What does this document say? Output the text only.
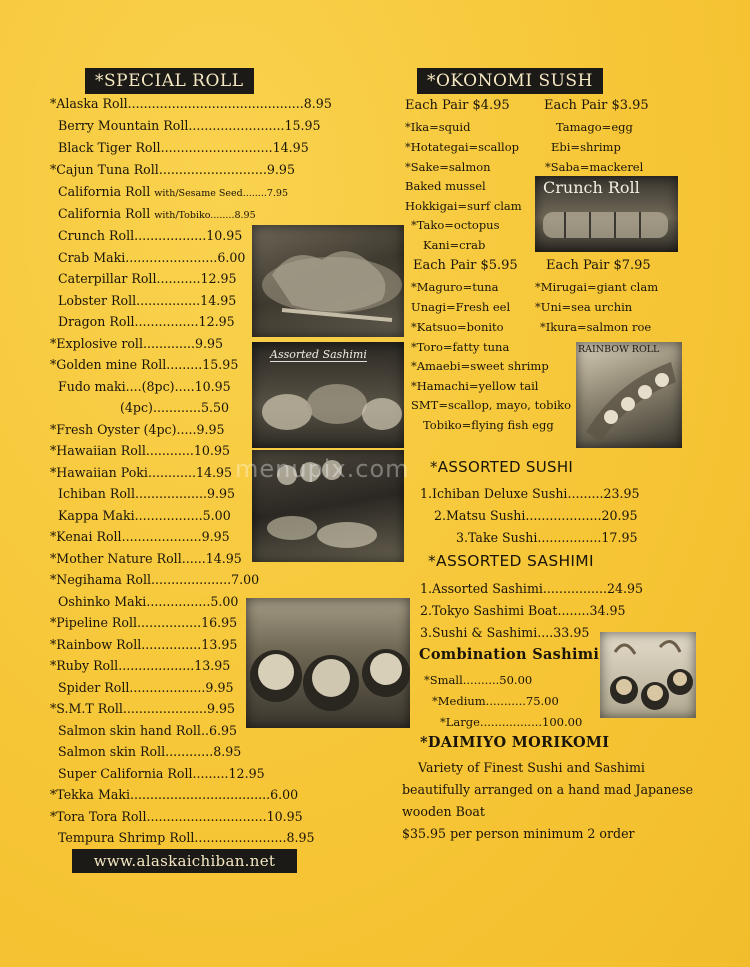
*SPECIAL ROLL
*Alaska Roll............................................8.95
Berry Mountain Roll........................15.95
Black Tiger Roll............................14.95
*Cajun Tuna Roll...........................9.95
California Roll with/Sesame Seed........7.95
California Roll with/Tobiko........8.95
Crunch Roll..................10.95
Crab Maki.......................6.00
Caterpillar Roll...........12.95
Lobster Roll................14.95
Dragon Roll................12.95
*Explosive roll.............9.95
*Golden mine Roll.........15.95
Fudo maki....(8pc).....10.95
(4pc)............5.50
*Fresh Oyster (4pc).....9.95
*Hawaiian Roll............10.95
*Hawaiian Poki............14.95
Ichiban Roll..................9.95
Kappa Maki.................5.00
*Kenai Roll....................9.95
*Mother Nature Roll......14.95
*Negihama Roll....................7.00
Oshinko Maki................5.00
*Pipeline Roll................16.95
*Rainbow Roll...............13.95
*Ruby Roll...................13.95
Spider Roll...................9.95
*S.M.T Roll.....................9.95
Salmon skin hand Roll..6.95
Salmon skin Roll............8.95
Super California Roll.........12.95
*Tekka Maki...................................6.00
*Tora Tora Roll..............................10.95
Tempura Shrimp Roll.......................8.95
Assorted Sashimi
www.alaskaichiban.net
*OKONOMI SUSH
Each Pair $4.95
*Ika=squid
*Hotategai=scallop
*Sake=salmon
Baked mussel
Hokkigai=surf clam
*Tako=octopus
Kani=crab
Each Pair $5.95
*Maguro=tuna
Unagi=Fresh eel
*Katsuo=bonito
*Toro=fatty tuna
*Amaebi=sweet shrimp
*Hamachi=yellow tail
SMT=scallop, mayo, tobiko
Tobiko=flying fish egg
Each Pair $3.95
Tamago=egg
Ebi=shrimp
*Saba=mackerel
Each Pair $7.95
*Mirugai=giant clam
*Uni=sea urchin
*Ikura=salmon roe
Crunch Roll
RAINBOW ROLL
*ASSORTED SUSHI
1.Ichiban Deluxe Sushi.........23.95
2.Matsu Sushi...................20.95
3.Take Sushi................17.95
*ASSORTED SASHIMI
1.Assorted Sashimi................24.95
2.Tokyo Sashimi Boat........34.95
3.Sushi & Sashimi....33.95
Combination Sashimi
*Small..........50.00
*Medium...........75.00
*Large.................100.00
*DAIMIYO MORIKOMI
Variety of Finest Sushi and Sashimi
beautifully arranged on a hand mad Japanese
wooden Boat
$35.95 per person minimum 2 order
menupix.com
